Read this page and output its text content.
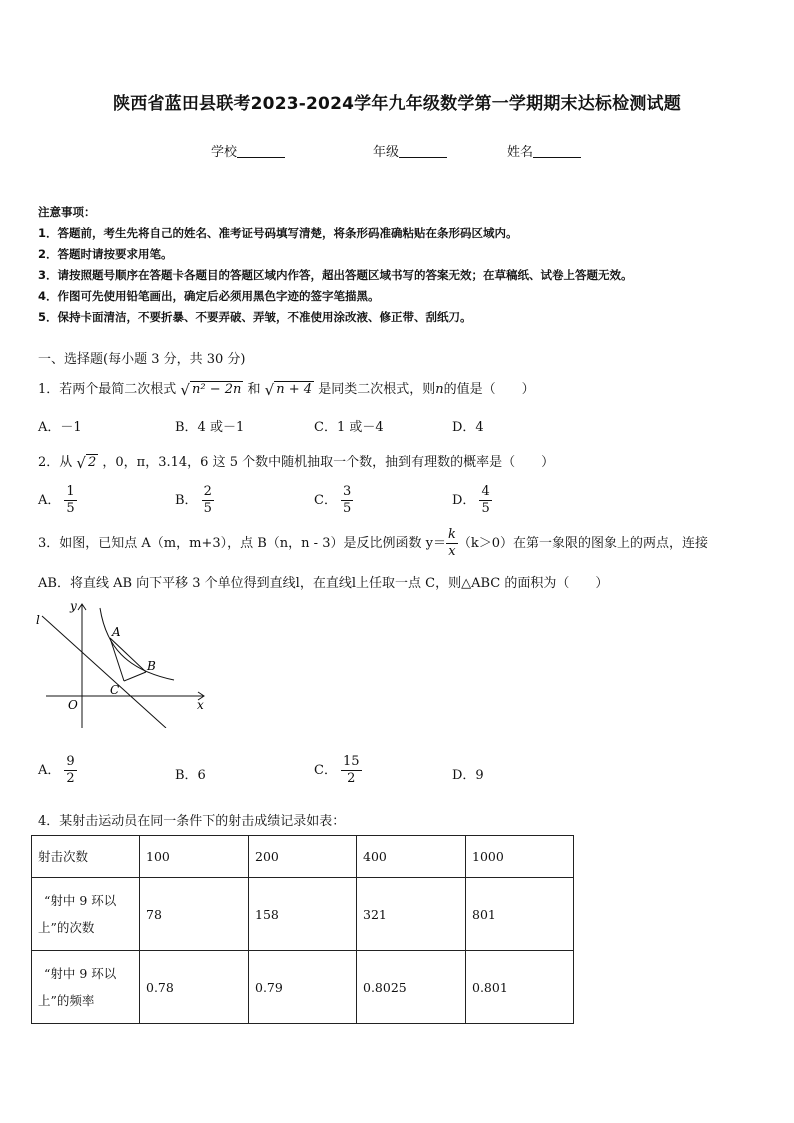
陕西省蓝田县联考2023-2024学年九年级数学第一学期期末达标检测试题
学校	年级	姓名
注意事项：
1．答题前，考生先将自己的姓名、准考证号码填写清楚，将条形码准确粘贴在条形码区域内。
2．答题时请按要求用笔。
3．请按照题号顺序在答题卡各题目的答题区域内作答，超出答题区域书写的答案无效；在草稿纸、试卷上答题无效。
4．作图可先使用铅笔画出，确定后必须用黑色字迹的签字笔描黑。
5．保持卡面清洁，不要折暴、不要弄破、弄皱，不准使用涂改液、修正带、刮纸刀。
一、选择题(每小题 3 分，共 30 分)
1．若两个最简二次根式 √ n² − 2n 和 √ n + 4 是同类二次根式，则n的值是（　　）
A．－1	B．4 或－1	C．1 或－4	D．4
2．从 √ 2 ，0，π，3.14，6 这 5 个数中随机抽取一个数，抽到有理数的概率是（　　）
A． $\frac{1}{5}$	B． $\frac{2}{5}$	C． $\frac{3}{5}$	D． $\frac{4}{5}$
3．如图，已知点 A（m，m+3），点 B（n，n - 3）是反比例函数 $y= \frac{k}{x} (k>0)$在第一象限的图象上的两点，连接
AB．将直线 AB 向下平移 3 个单位得到直线l，在直线l上任取一点 C，则△ABC 的面积为（　　）
l
y
A
B
C
O	x
A． $\frac{9}{2}$	B．6	C． $\frac{15}{2}$	D．9
4．某射击运动员在同一条件下的射击成绩记录如表：
射击次数	100	200	400	1000

“射中 9 环以
上”的次数	78	158	321	801

“射中 9 环以
上”的频率	0.78	0.79	0.8025	0.801
